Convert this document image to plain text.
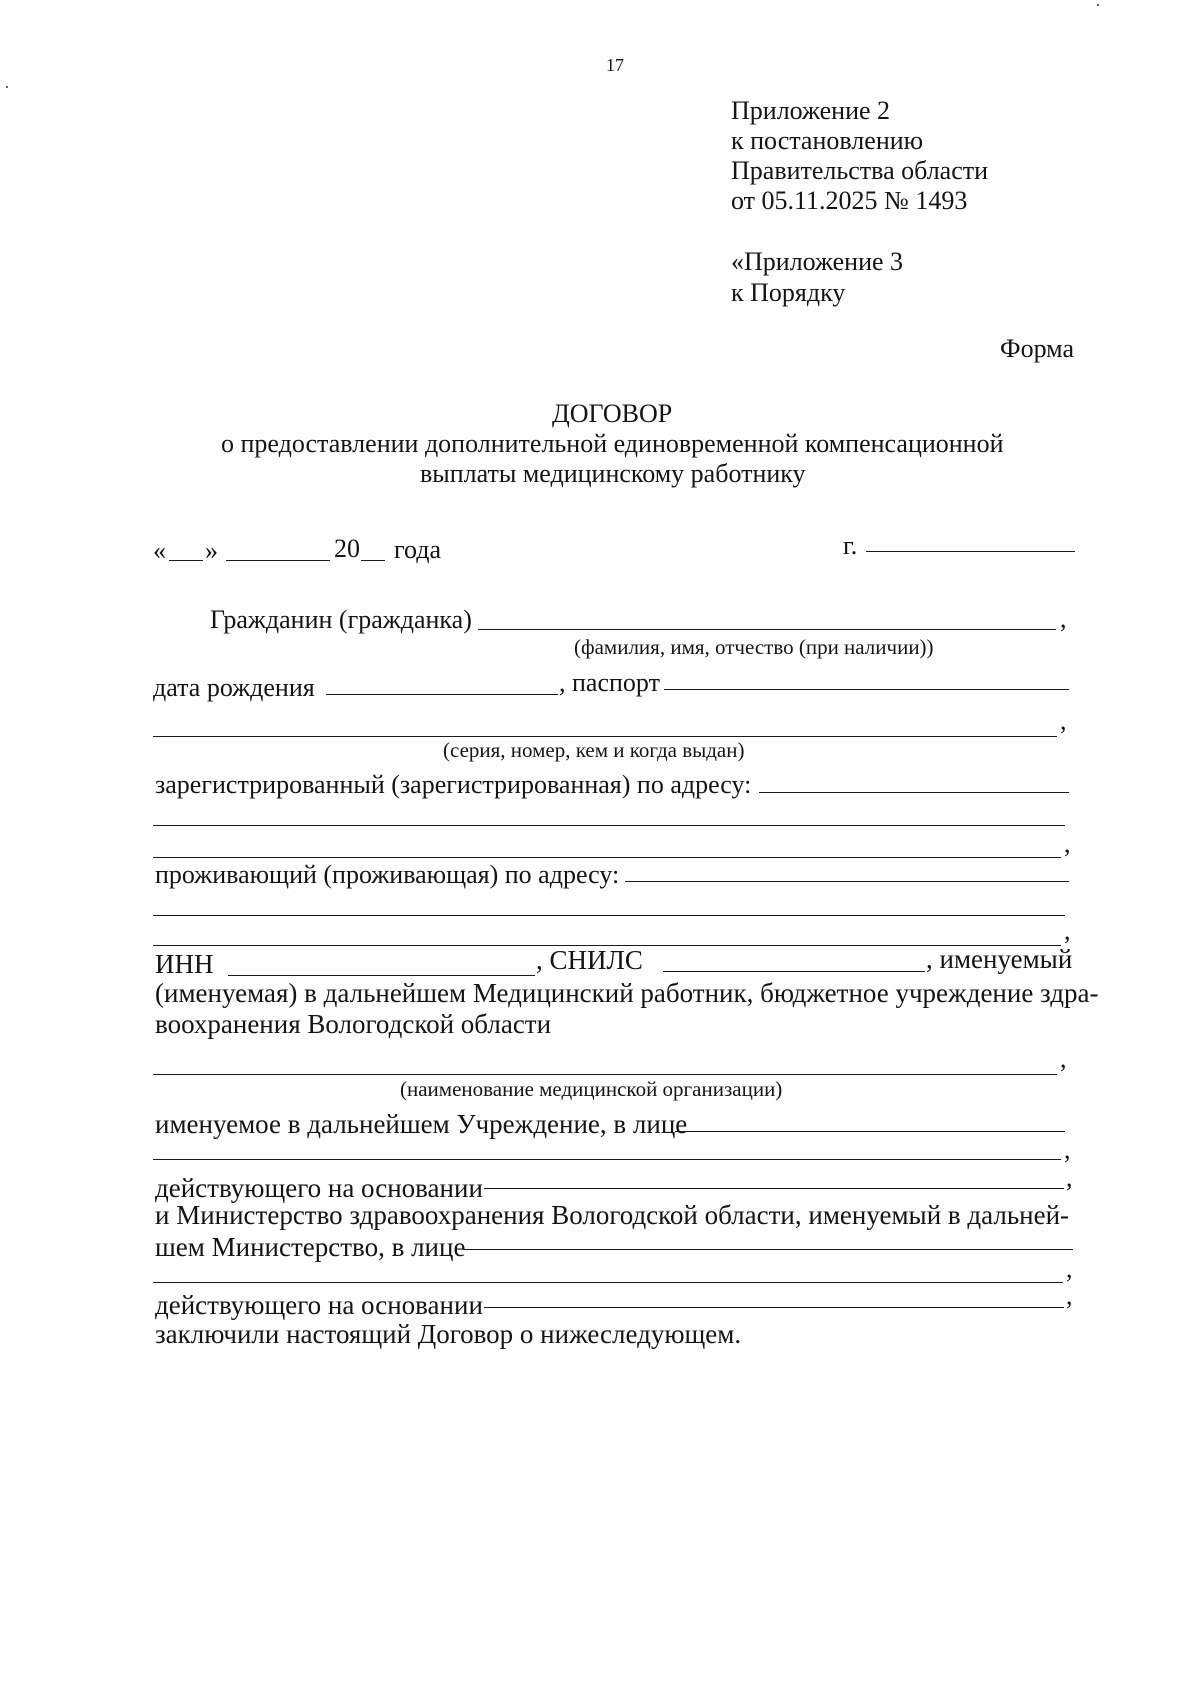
17
Приложение 2
к постановлению
Правительства области
от 05.11.2025 № 1493
«Приложение 3
к Порядку
Форма
ДОГОВОР
о предоставлении дополнительной единовременной компенсационной
выплаты медицинскому работнику
« »	20 года	г.
Гражданин (гражданка)	,
(фамилия, имя, отчество (при наличии))
дата рождения	, паспорт
,
(серия, номер, кем и когда выдан)
зарегистрированный (зарегистрированная) по адресу:
,
проживающий (проживающая) по адресу:
,
ИНН	, СНИЛС	, именуемый
(именуемая) в дальнейшем Медицинский работник, бюджетное учреждение здра-
воохранения Вологодской области
,
(наименование медицинской организации)
именуемое в дальнейшем Учреждение, в лице
,
действующего на основании	,
и Министерство здравоохранения Вологодской области, именуемый в дальней-
шем Министерство, в лице
,
действующего на основании	,
заключили настоящий Договор о нижеследующем.
